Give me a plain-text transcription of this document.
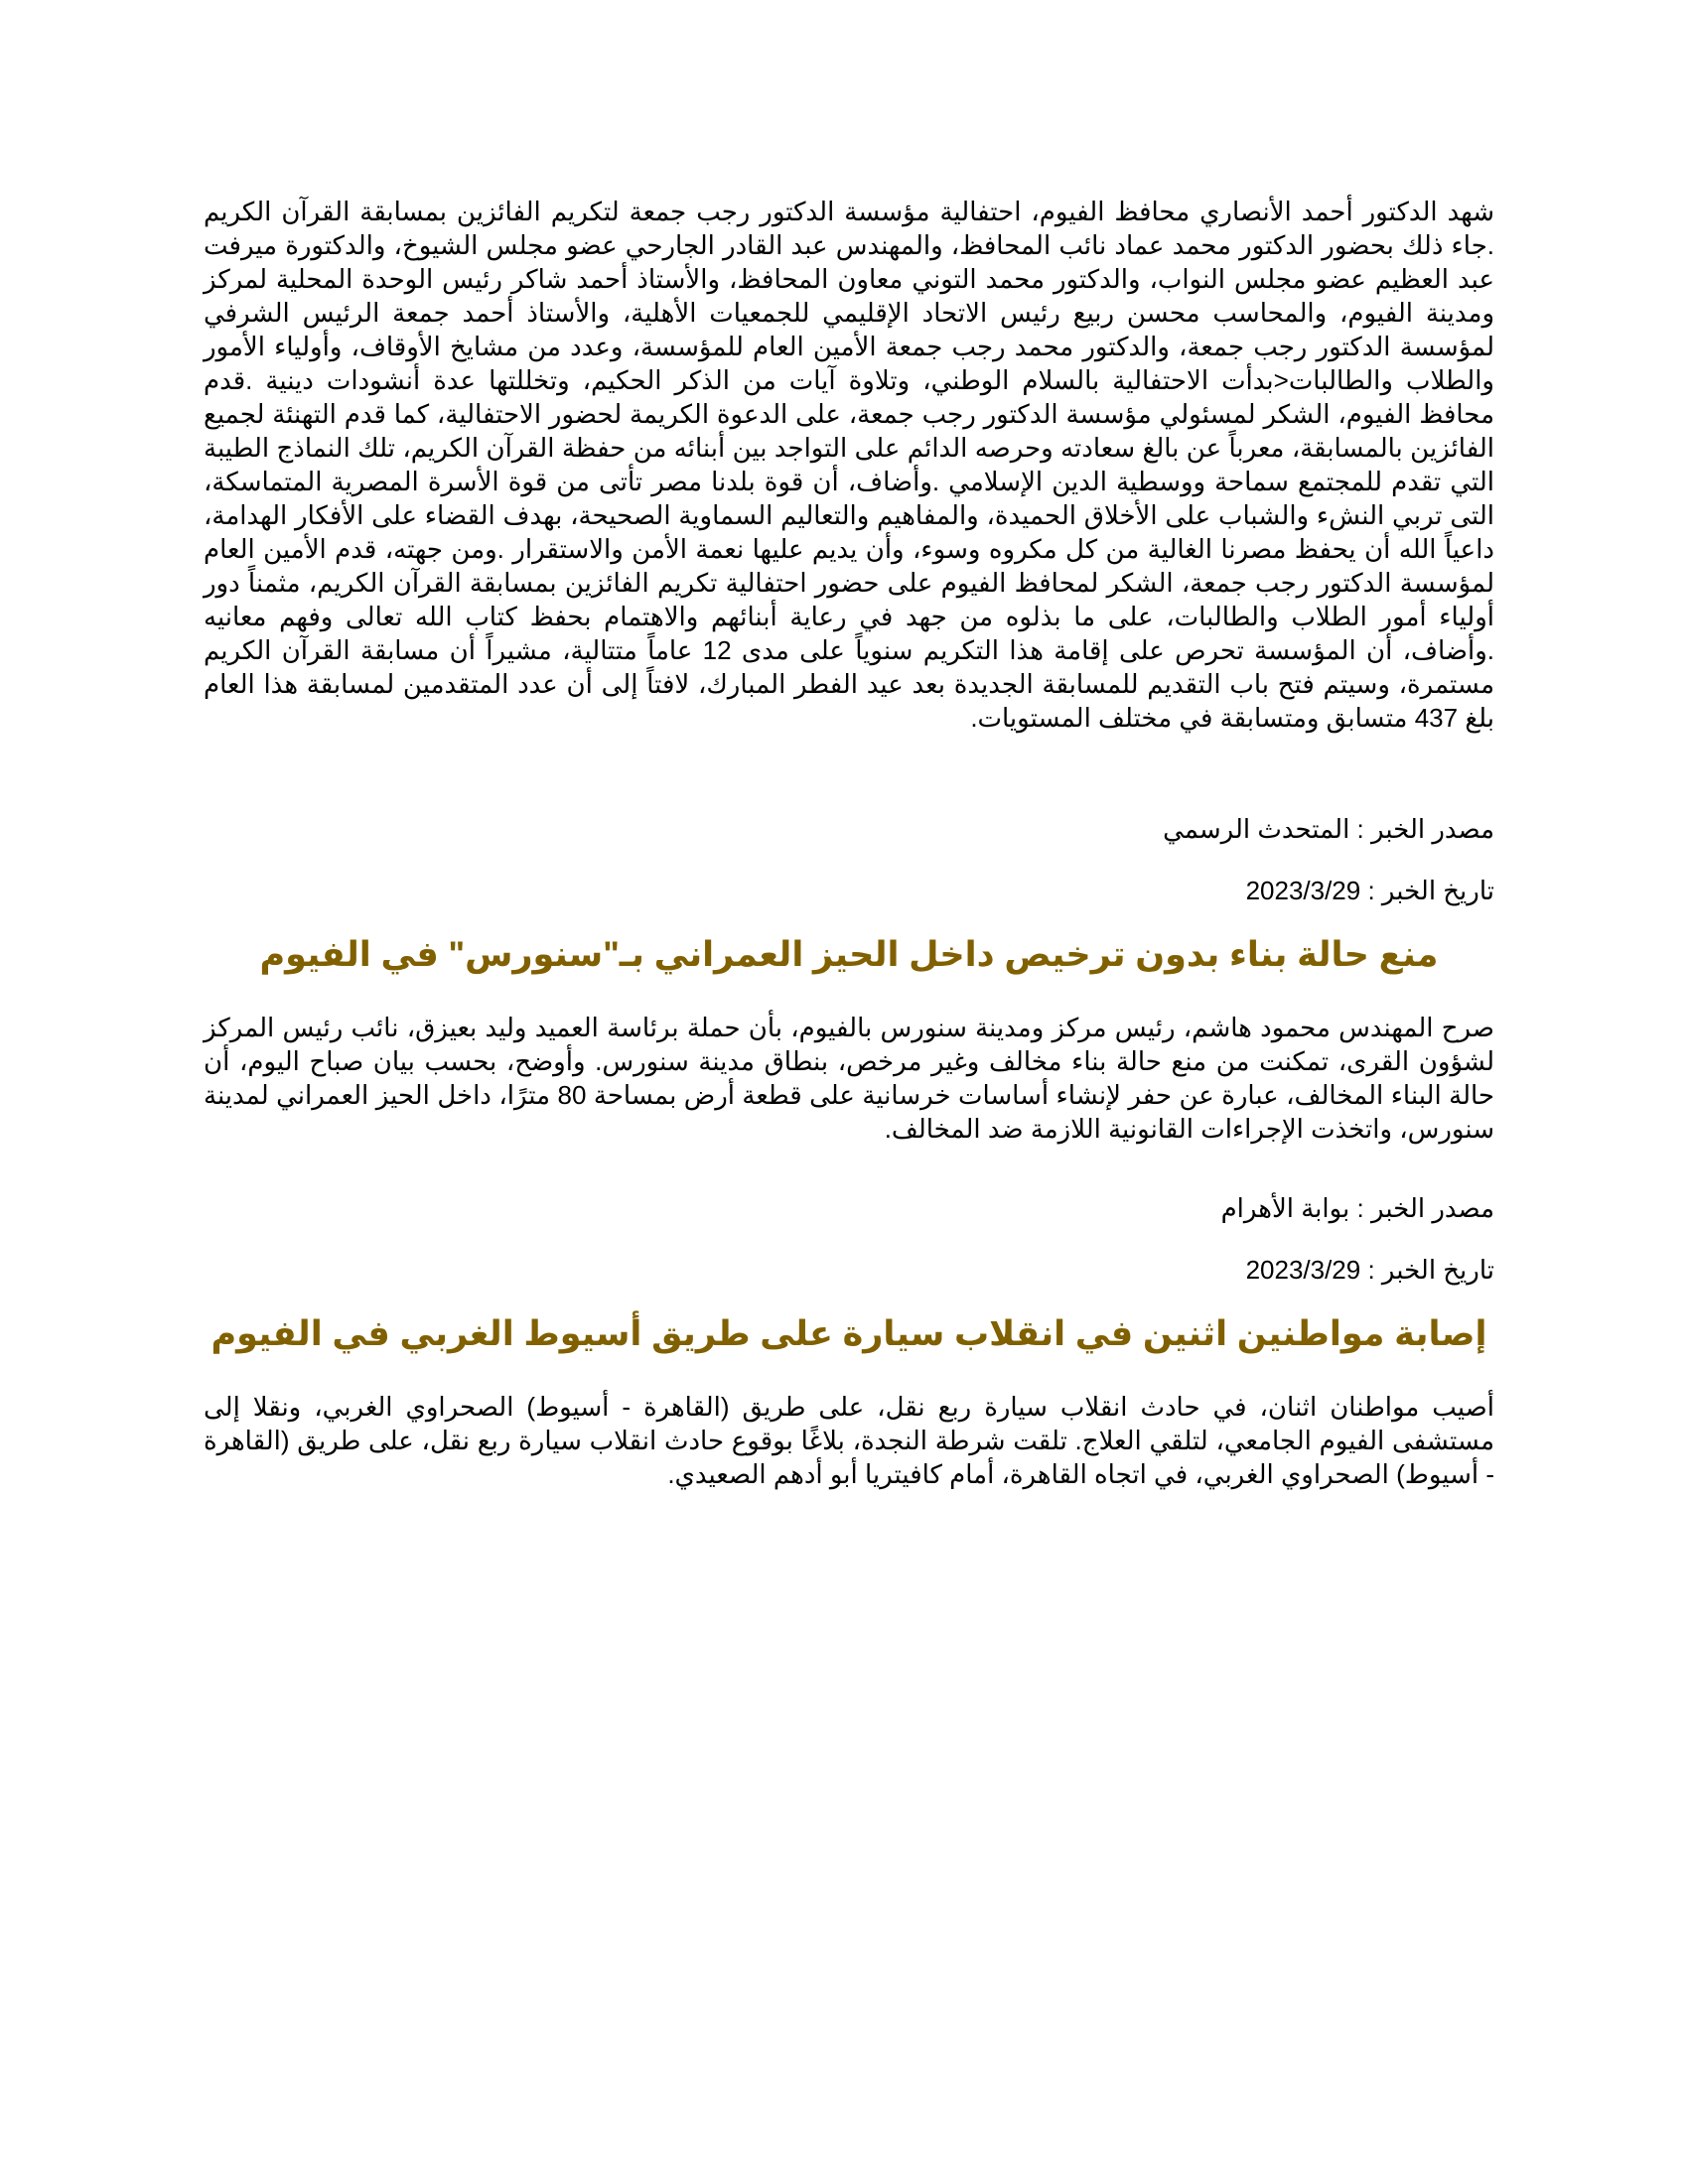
شهد الدكتور أحمد الأنصاري محافظ الفيوم، احتفالية مؤسسة الدكتور رجب جمعة لتكريم الفائزين بمسابقة القرآن الكريم .جاء ذلك بحضور الدكتور محمد عماد نائب المحافظ، والمهندس عبد القادر الجارحي عضو مجلس الشيوخ، والدكتورة ميرفت عبد العظيم عضو مجلس النواب، والدكتور محمد التوني معاون المحافظ، والأستاذ أحمد شاكر رئيس الوحدة المحلية لمركز ومدينة الفيوم، والمحاسب محسن ربيع رئيس الاتحاد الإقليمي للجمعيات الأهلية، والأستاذ أحمد جمعة الرئيس الشرفي لمؤسسة الدكتور رجب جمعة، والدكتور محمد رجب جمعة الأمين العام للمؤسسة، وعدد من مشايخ الأوقاف، وأولياء الأمور والطلاب والطالبات<بدأت الاحتفالية بالسلام الوطني، وتلاوة آيات من الذكر الحكيم، وتخللتها عدة أنشودات دينية .قدم محافظ الفيوم، الشكر لمسئولي مؤسسة الدكتور رجب جمعة، على الدعوة الكريمة لحضور الاحتفالية، كما قدم التهنئة لجميع الفائزين بالمسابقة، معرباً عن بالغ سعادته وحرصه الدائم على التواجد بين أبنائه من حفظة القرآن الكريم، تلك النماذج الطيبة التي تقدم للمجتمع سماحة ووسطية الدين الإسلامي .وأضاف، أن قوة بلدنا مصر تأتى من قوة الأسرة المصرية المتماسكة، التى تربي النشء والشباب على الأخلاق الحميدة، والمفاهيم والتعاليم السماوية الصحيحة، بهدف القضاء على الأفكار الهدامة، داعياً الله أن يحفظ مصرنا الغالية من كل مكروه وسوء، وأن يديم عليها نعمة الأمن والاستقرار .ومن جهته، قدم الأمين العام لمؤسسة الدكتور رجب جمعة، الشكر لمحافظ الفيوم على حضور احتفالية تكريم الفائزين بمسابقة القرآن الكريم، مثمناً دور أولياء أمور الطلاب والطالبات، على ما بذلوه من جهد في رعاية أبنائهم والاهتمام بحفظ كتاب الله تعالى وفهم معانيه .وأضاف، أن المؤسسة تحرص على إقامة هذا التكريم سنوياً على مدى 12 عاماً متتالية، مشيراً أن مسابقة القرآن الكريم مستمرة، وسيتم فتح باب التقديم للمسابقة الجديدة بعد عيد الفطر المبارك، لافتاً إلى أن عدد المتقدمين لمسابقة هذا العام بلغ 437 متسابق ومتسابقة في مختلف المستويات.

مصدر الخبر : المتحدث الرسمي

تاريخ الخبر : 2023/3/29

منع حالة بناء بدون ترخيص داخل الحيز العمراني بـ"سنورس" في الفيوم

صرح المهندس محمود هاشم، رئيس مركز ومدينة سنورس بالفيوم، بأن حملة برئاسة العميد وليد بعيزق، نائب رئيس المركز لشؤون القرى، تمكنت من منع حالة بناء مخالف وغير مرخص، بنطاق مدينة سنورس. وأوضح، بحسب بيان صباح اليوم، أن حالة البناء المخالف، عبارة عن حفر لإنشاء أساسات خرسانية على قطعة أرض بمساحة 80 مترًا، داخل الحيز العمراني لمدينة سنورس، واتخذت الإجراءات القانونية اللازمة ضد المخالف.

مصدر الخبر : بوابة الأهرام

تاريخ الخبر : 2023/3/29

إصابة مواطنين اثنين في انقلاب سيارة على طريق أسيوط الغربي في الفيوم

أصيب مواطنان اثنان، في حادث انقلاب سيارة ربع نقل، على طريق (القاهرة - أسيوط) الصحراوي الغربي، ونقلا إلى مستشفى الفيوم الجامعي، لتلقي العلاج. تلقت شرطة النجدة، بلاغًا بوقوع حادث انقلاب سيارة ربع نقل، على طريق (القاهرة - أسيوط) الصحراوي الغربي، في اتجاه القاهرة، أمام كافيتريا أبو أدهم الصعيدي.
